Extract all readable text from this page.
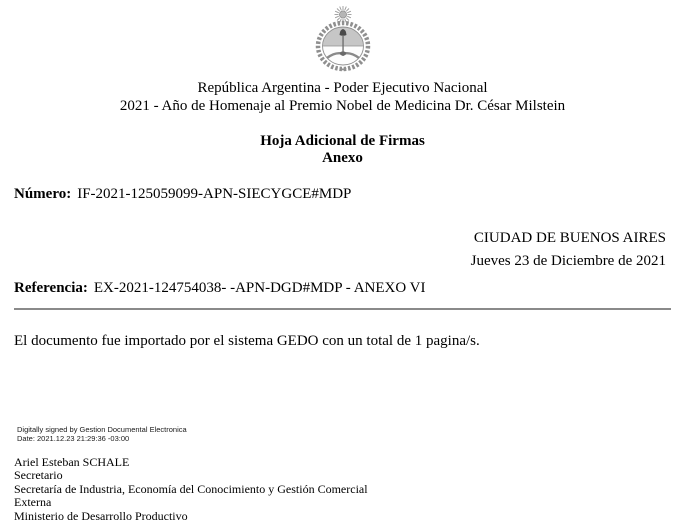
República Argentina - Poder Ejecutivo Nacional
2021 - Año de Homenaje al Premio Nobel de Medicina Dr. César Milstein
Hoja Adicional de Firmas
Anexo
Número: IF-2021-125059099-APN-SIECYGCE#MDP
CIUDAD DE BUENOS AIRES
Jueves 23 de Diciembre de 2021
Referencia: EX-2021-124754038- -APN-DGD#MDP - ANEXO VI
El documento fue importado por el sistema GEDO con un total de 1 pagina/s.
Digitally signed by Gestion Documental Electronica
Date: 2021.12.23 21:29:36 -03:00
Ariel Esteban SCHALE
Secretario
Secretaría de Industria, Economía del Conocimiento y Gestión Comercial
Externa
Ministerio de Desarrollo Productivo
